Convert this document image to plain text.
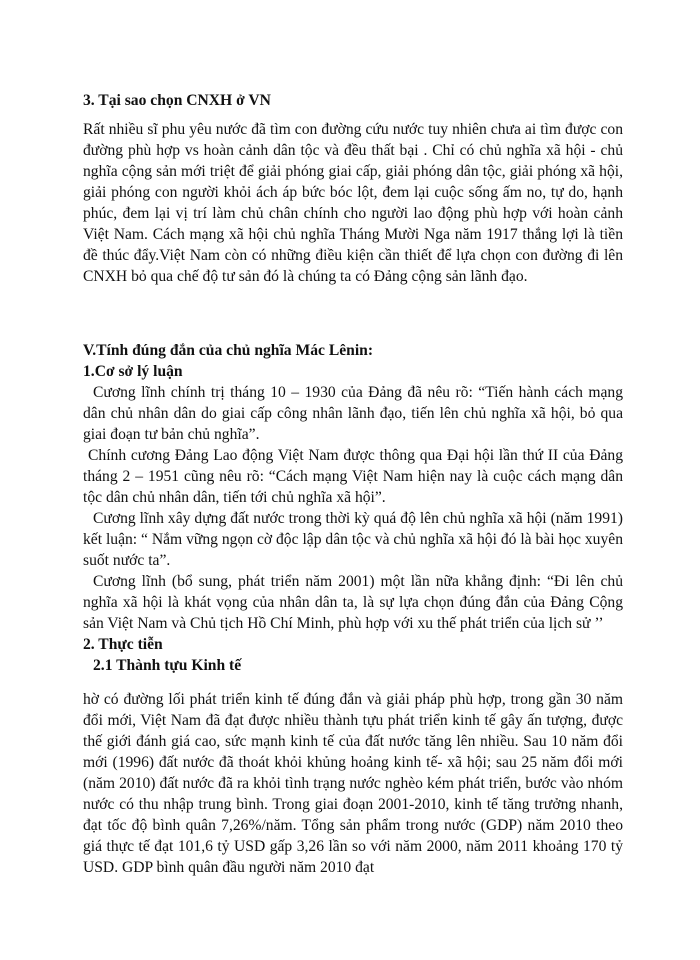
3. Tại sao chọn CNXH ở VN

Rất nhiều sĩ phu yêu nước đã tìm con đường cứu nước tuy nhiên chưa ai tìm được con đường phù hợp vs hoàn cảnh dân tộc và đều thất bại . Chỉ có chủ nghĩa xã hội - chủ nghĩa cộng sản mới triệt để giải phóng giai cấp, giải phóng dân tộc, giải phóng xã hội, giải phóng con người khỏi ách áp bức bóc lột, đem lại cuộc sống ấm no, tự do, hạnh phúc, đem lại vị trí làm chủ chân chính cho người lao động phù hợp với hoàn cảnh Việt Nam. Cách mạng xã hội chủ nghĩa Tháng Mười Nga năm 1917 thắng lợi là tiền đề thúc đẩy.Việt Nam còn có những điều kiện cần thiết để lựa chọn con đường đi lên CNXH bỏ qua chế độ tư sản đó là chúng ta có Đảng cộng sản lãnh đạo.

V.Tính đúng đắn của chủ nghĩa Mác Lênin:
1.Cơ sở lý luận

Cương lĩnh chính trị tháng 10 – 1930 của Đảng đã nêu rõ: “Tiến hành cách mạng dân chủ nhân dân do giai cấp công nhân lãnh đạo, tiến lên chủ nghĩa xã hội, bỏ qua giai đoạn tư bản chủ nghĩa”.

Chính cương Đảng Lao động Việt Nam được thông qua Đại hội lần thứ II của Đảng tháng 2 – 1951 cũng nêu rõ: “Cách mạng Việt Nam hiện nay là cuộc cách mạng dân tộc dân chủ nhân dân, tiến tới chủ nghĩa xã hội”.

Cương lĩnh xây dựng đất nước trong thời kỳ quá độ lên chủ nghĩa xã hội (năm 1991) kết luận: “ Nắm vững ngọn cờ độc lập dân tộc và chủ nghĩa xã hội đó là bài học xuyên suốt nước ta”.

Cương lĩnh (bổ sung, phát triển năm 2001) một lần nữa khẳng định: “Đi lên chủ nghĩa xã hội là khát vọng của nhân dân ta, là sự lựa chọn đúng đắn của Đảng Cộng sản Việt Nam và Chủ tịch Hồ Chí Minh, phù hợp với xu thế phát triển của lịch sử ’’

2. Thực tiễn
2.1 Thành tựu Kinh tế

hờ có đường lối phát triển kinh tế đúng đắn và giải pháp phù hợp, trong gần 30 năm đổi mới, Việt Nam đã đạt được nhiều thành tựu phát triển kinh tế gây ấn tượng, được thế giới đánh giá cao, sức mạnh kinh tế của đất nước tăng lên nhiều. Sau 10 năm đổi mới (1996) đất nước đã thoát khỏi khủng hoảng kinh tế- xã hội; sau 25 năm đổi mới (năm 2010) đất nước đã ra khỏi tình trạng nước nghèo kém phát triển, bước vào nhóm nước có thu nhập trung bình. Trong giai đoạn 2001-2010, kinh tế tăng trưởng nhanh, đạt tốc độ bình quân 7,26%/năm. Tổng sản phẩm trong nước (GDP) năm 2010 theo giá thực tế đạt 101,6 tỷ USD gấp 3,26 lần so với năm 2000, năm 2011 khoảng 170 tỷ USD. GDP bình quân đầu người năm 2010 đạt
